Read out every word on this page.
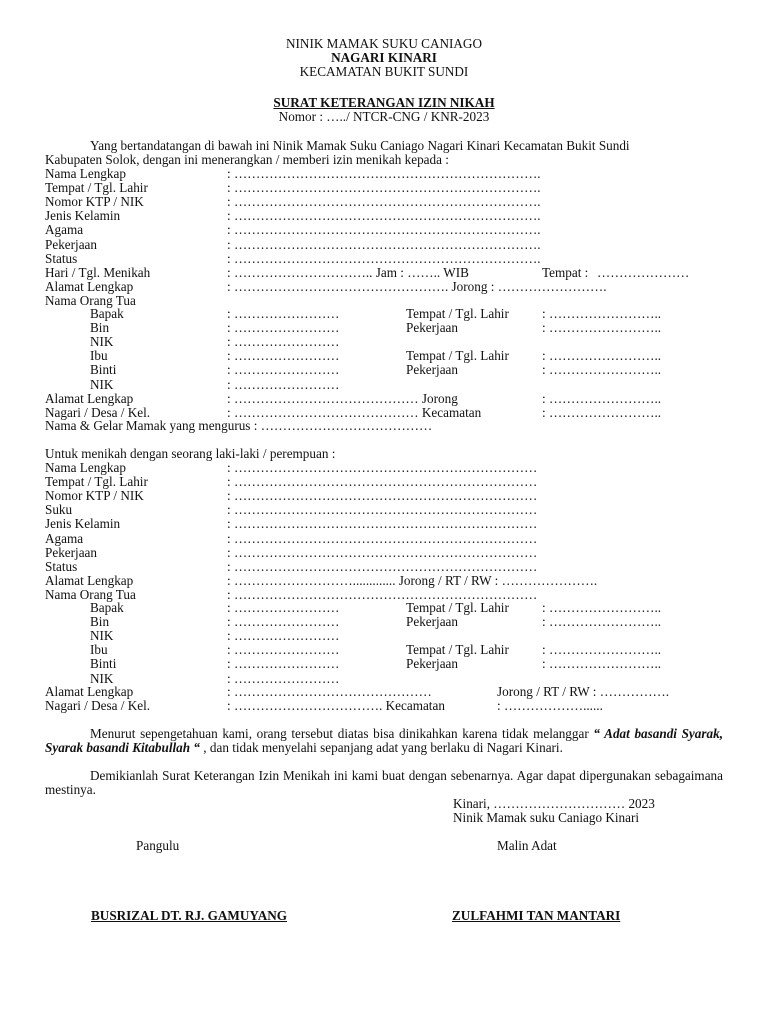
NINIK MAMAK SUKU CANIAGO
NAGARI KINARI
KECAMATAN BUKIT SUNDI
SURAT KETERANGAN IZIN NIKAH
Nomor : …../ NTCR-CNG / KNR-2023
Yang bertandatangan di bawah ini Ninik Mamak Suku Caniago Nagari Kinari Kecamatan Bukit Sundi
Kabupaten Solok, dengan ini menerangkan / memberi izin menikah kepada :
Nama Lengkap	: …………………………………………………………….
Tempat / Tgl. Lahir	: …………………………………………………………….
Nomor KTP / NIK	: …………………………………………………………….
Jenis Kelamin	: …………………………………………………………….
Agama	: …………………………………………………………….
Pekerjaan	: …………………………………………………………….
Status	: …………………………………………………………….
Hari / Tgl. Menikah	: ………………………….. Jam : …….. WIB	Tempat : …………………
Alamat Lengkap	: …………………………………………. Jorong : …………………….
Nama Orang Tua
Bapak	: ……………………	Tempat / Tgl. Lahir	: ……………………..
Bin	: ……………………	Pekerjaan	: ……………………..
NIK	: ……………………
Ibu	: ……………………	Tempat / Tgl. Lahir	: ……………………..
Binti	: ……………………	Pekerjaan	: ……………………..
NIK	: ……………………
Alamat Lengkap	: …………………………………… Jorong	: ……………………..
Nagari / Desa / Kel.	: …………………………………… Kecamatan	: ……………………..
Nama & Gelar Mamak yang mengurus : …………………………………
Untuk menikah dengan seorang laki-laki / perempuan :
Nama Lengkap	: ……………………………………………………………
Tempat / Tgl. Lahir	: ……………………………………………………………
Nomor KTP / NIK	: ……………………………………………………………
Suku	: ……………………………………………………………
Jenis Kelamin	: ……………………………………………………………
Agama	: ……………………………………………………………
Pekerjaan	: ……………………………………………………………
Status	: ……………………………………………………………
Alamat Lengkap	: ………………………............. Jorong / RT / RW : ………………….
Nama Orang Tua	: ……………………………………………………………
Bapak	: ……………………	Tempat / Tgl. Lahir	: ……………………..
Bin	: ……………………	Pekerjaan	: ……………………..
NIK	: ……………………
Ibu	: ……………………	Tempat / Tgl. Lahir	: ……………………..
Binti	: ……………………	Pekerjaan	: ……………………..
NIK	: ……………………
Alamat Lengkap	: ………………………………………	Jorong / RT / RW : …………….
Nagari / Desa / Kel.	: ……………………………. Kecamatan	: ………………......
Menurut sepengetahuan kami, orang tersebut diatas bisa dinikahkan karena tidak melanggar “ Adat basandi Syarak, Syarak basandi Kitabullah “ , dan tidak menyelahi sepanjang adat yang berlaku di Nagari Kinari.
Demikianlah Surat Keterangan Izin Menikah ini kami buat dengan sebenarnya. Agar dapat dipergunakan sebagaimana mestinya.
Kinari, ………………………… 2023
Ninik Mamak suku Caniago Kinari
Pangulu	Malin Adat
BUSRIZAL DT. RJ. GAMUYANG	ZULFAHMI TAN MANTARI
